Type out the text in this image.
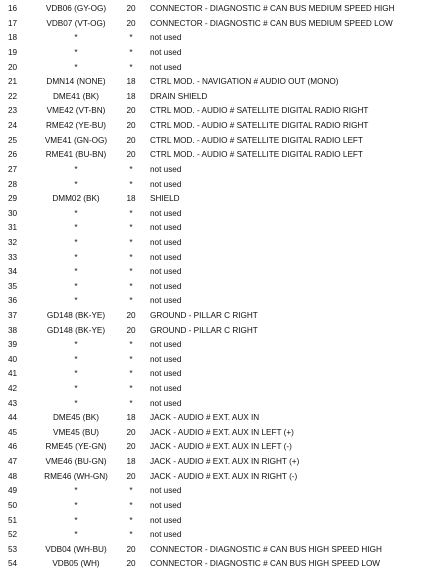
16	VDB06 (GY-OG)	20	CONNECTOR - DIAGNOSTIC # CAN BUS MEDIUM SPEED HIGH
17	VDB07 (VT-OG)	20	CONNECTOR - DIAGNOSTIC # CAN BUS MEDIUM SPEED LOW
18	*	*	not used
19	*	*	not used
20	*	*	not used
21	DMN14 (NONE)	18	CTRL MOD. - NAVIGATION # AUDIO OUT (MONO)
22	DME41 (BK)	18	DRAIN SHIELD
23	VME42 (VT-BN)	20	CTRL MOD. - AUDIO # SATELLITE DIGITAL RADIO RIGHT
24	RME42 (YE-BU)	20	CTRL MOD. - AUDIO # SATELLITE DIGITAL RADIO RIGHT
25	VME41 (GN-OG)	20	CTRL MOD. - AUDIO # SATELLITE DIGITAL RADIO LEFT
26	RME41 (BU-BN)	20	CTRL MOD. - AUDIO # SATELLITE DIGITAL RADIO LEFT
27	*	*	not used
28	*	*	not used
29	DMM02 (BK)	18	SHIELD
30	*	*	not used
31	*	*	not used
32	*	*	not used
33	*	*	not used
34	*	*	not used
35	*	*	not used
36	*	*	not used
37	GD148 (BK-YE)	20	GROUND - PILLAR C RIGHT
38	GD148 (BK-YE)	20	GROUND - PILLAR C RIGHT
39	*	*	not used
40	*	*	not used
41	*	*	not used
42	*	*	not used
43	*	*	not used
44	DME45 (BK)	18	JACK - AUDIO # EXT. AUX IN
45	VME45 (BU)	20	JACK - AUDIO # EXT. AUX IN LEFT (+)
46	RME45 (YE-GN)	20	JACK - AUDIO # EXT. AUX IN LEFT (-)
47	VME46 (BU-GN)	18	JACK - AUDIO # EXT. AUX IN RIGHT (+)
48	RME46 (WH-GN)	20	JACK - AUDIO # EXT. AUX IN RIGHT (-)
49	*	*	not used
50	*	*	not used
51	*	*	not used
52	*	*	not used
53	VDB04 (WH-BU)	20	CONNECTOR - DIAGNOSTIC # CAN BUS HIGH SPEED HIGH
54	VDB05 (WH)	20	CONNECTOR - DIAGNOSTIC # CAN BUS HIGH SPEED LOW
